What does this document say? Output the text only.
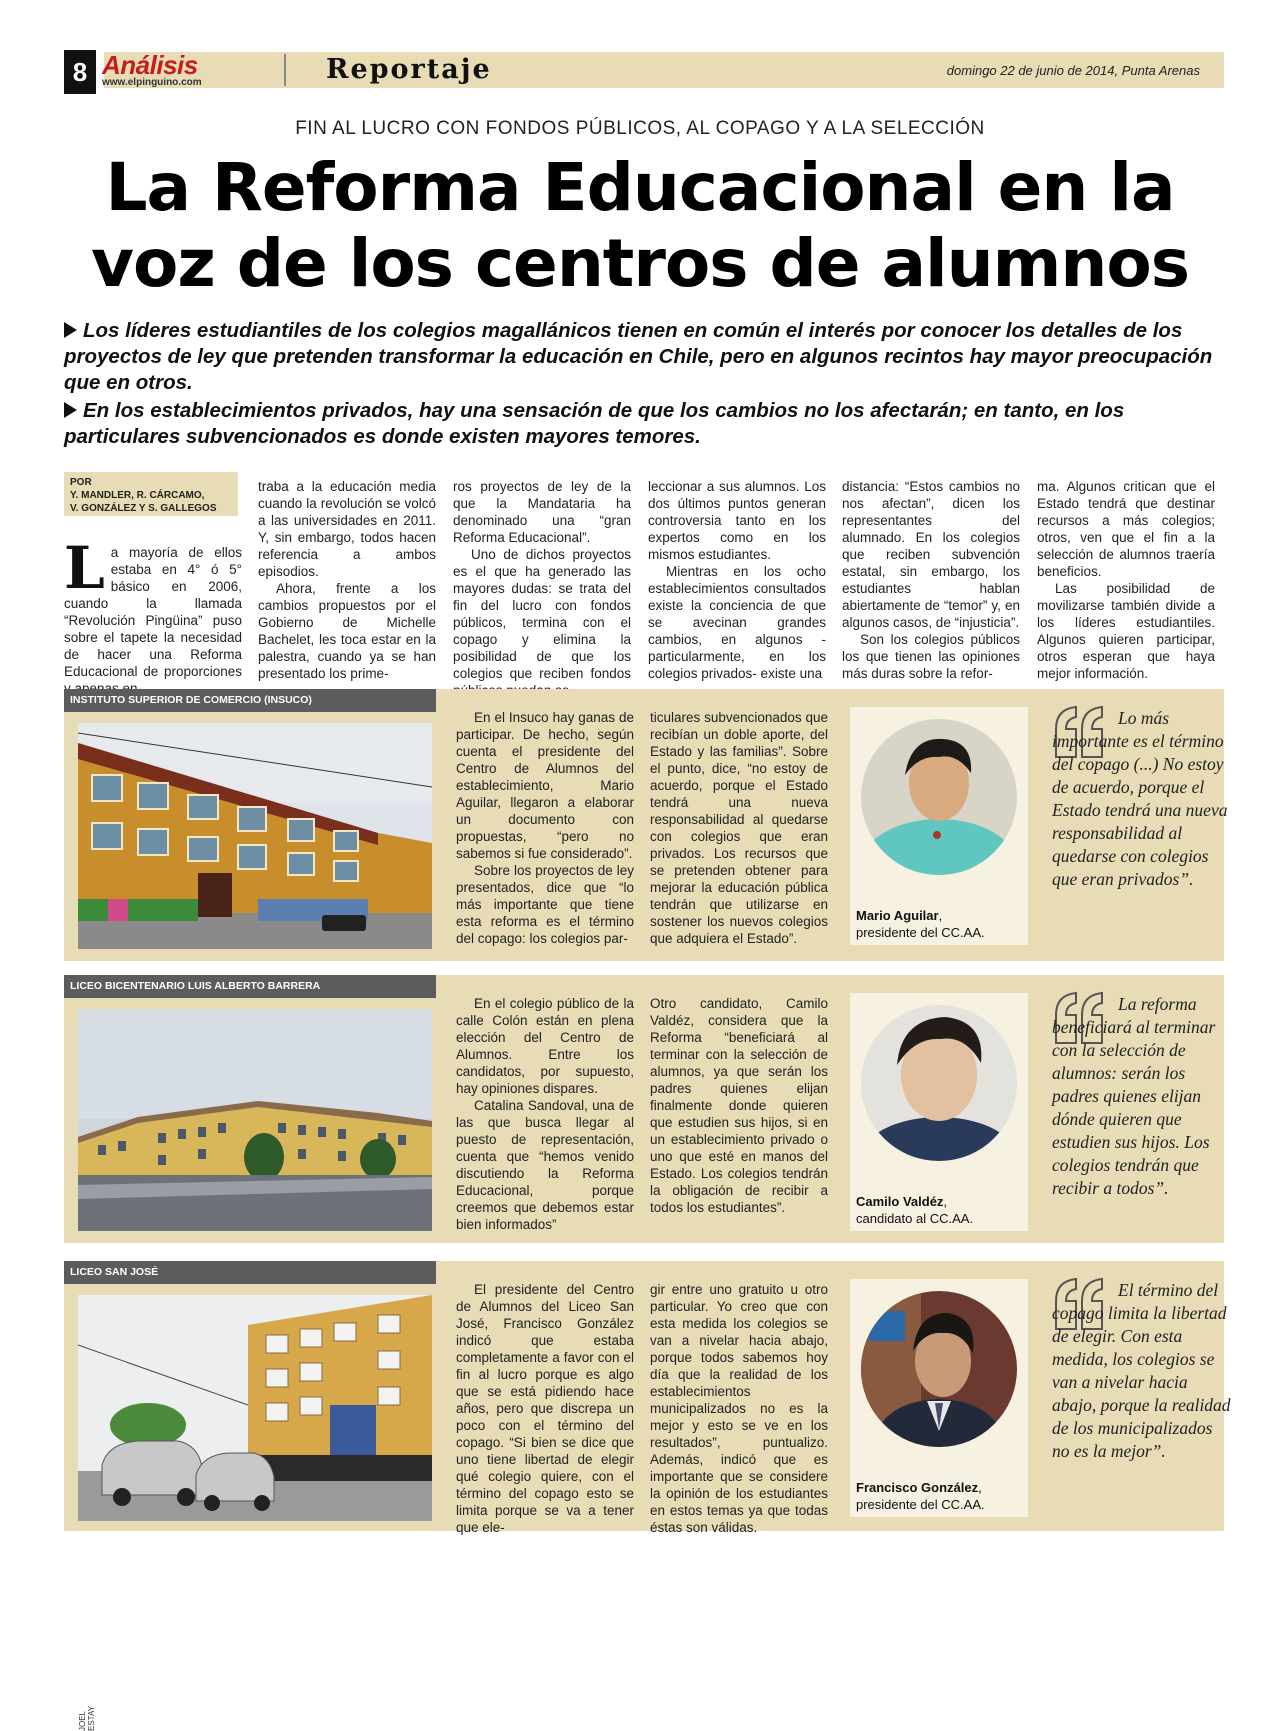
8 Análisis
www.elpinguino.com	Reportaje	domingo 22 de junio de 2014, Punta Arenas
FIN AL LUCRO CON FONDOS PÚBLICOS, AL COPAGO Y A LA SELECCIÓN
La Reforma Educacional en la
voz de los centros de alumnos

Los líderes estudiantiles de los colegios magallánicos tienen en común el interés por conocer los detalles de los proyectos de ley que pretenden transformar la educación en Chile, pero en algunos recintos hay mayor preocupación que en otros.

En los establecimientos privados, hay una sensación de que los cambios no los afectarán; en tanto, en los particulares subvencionados es donde existen mayores temores.

POR
Y. MANDLER, R. CÁRCAMO,
V. GONZÁLEZ Y S. GALLEGOS
L a mayoría de ellos estaba en 4° ó 5° básico en 2006, cuando la llamada “Revolución Pingüina” puso sobre el tapete la necesidad de hacer una Reforma Educacional de proporciones
traba a la educación media cuando la revolución se volcó a las universidades en 2011. Y, sin embargo, todos hacen referencia a ambos episodios.
Ahora, frente a los cambios propuestos por el Gobierno de Michelle Bachelet, les toca estar en la palestra, cuando ya se han presentado los prime-
ros proyectos de ley de la que la Mandataria ha denominado una “gran Reforma Educacional”.
Uno de dichos proyectos es el que ha generado las mayores dudas: se trata del fin del lucro con fondos públicos, termina con el copago y elimina la posibilidad de que los colegios que reciben fondos
leccionar a sus alumnos. Los dos últimos puntos generan controversia tanto en los expertos como en los mismos estudiantes.
Mientras en los ocho establecimientos consultados existe la conciencia de que se avecinan grandes cambios, en algunos -particularmente, en los colegios privados- existe una
distancia: “Estos cambios no nos afectan”, dicen los representantes del alumnado. En los colegios que reciben subvención estatal, sin embargo, los estudiantes hablan abiertamente de “temor” y, en algunos casos, de “injusticia”.
Son los colegios públicos los que tienen las opiniones más duras sobre la refor-
ma. Algunos critican que el Estado tendrá que destinar recursos a más colegios; otros, ven que el fin a la selección de alumnos traería beneficios.
Las posibilidad de movilizarse también divide a los líderes estudiantiles. Algunos quieren participar, otros esperan que haya mejor información.
INSTITUTO SUPERIOR DE COMERCIO (INSUCO)
En el Insuco hay ganas de participar. De hecho, según cuenta el presidente del Centro de Alumnos del establecimiento, Mario Aguilar, llegaron a elaborar un documento con propuestas, “pero no sabemos si fue considerado”.
Sobre los proyectos de ley presentados, dice que “lo más importante que tiene esta reforma es el término del copago: los colegios par-
ticulares subvencionados que recibían un doble aporte, del Estado y las familias”. Sobre el punto, dice, “no estoy de acuerdo, porque el Estado tendrá una nueva responsabilidad al quedarse con colegios que eran privados. Los recursos que se pretenden obtener para mejorar la educación pública tendrán que utilizarse en sostener los nuevos colegios que adquiera el Estado”.

Mario Aguilar,
presidente del CC.AA.

Lo más importante es el término del copago (...) No estoy de acuerdo, porque el Estado tendrá una nueva responsabilidad al quedarse con colegios que eran privados”.

LICEO BICENTENARIO LUIS ALBERTO BARRERA
En el colegio público de la calle Colón están en plena elección del Centro de Alumnos. Entre los candidatos, por supuesto, hay opiniones dispares.
Catalina Sandoval, una de las que busca llegar al puesto de representación, cuenta que “hemos venido discutiendo la Reforma Educacional, porque creemos que debemos estar bien informados”
Otro candidato, Camilo Valdéz, considera que la Reforma “beneficiará al terminar con la selección de alumnos, ya que serán los padres quienes elijan finalmente donde quieren que estudien sus hijos, si en un establecimiento privado o uno que esté en manos del Estado. Los colegios tendrán la obligación de recibir a todos los estudiantes”.	Camilo Valdéz,
candidato al CC.AA.

La reforma beneficiará al terminar con la selección de alumnos: serán los padres quienes elijan dónde quieren que estudien sus hijos. Los colegios tendrán que recibir a todos”.

LICEO SAN JOSÉ
JOEL ESTAY
El presidente del Centro de Alumnos del Liceo San José, Francisco González indicó que estaba completamente a favor con el fin al lucro porque es algo que se está pidiendo hace años, pero que discrepa un poco con el término del copago. “Si bien se dice que uno tiene libertad de elegir qué colegio quiere, con el término del copago esto se limita porque se va a tener que ele-
gir entre uno gratuito u otro particular. Yo creo que con esta medida los colegios se van a nivelar hacia abajo, porque todos sabemos hoy día que la realidad de los establecimientos municipalizados no es la mejor y esto se ve en los resultados”, puntualizo. Además, indicó que es importante que se considere la opinión de los estudiantes en estos temas ya que todas éstas son válidas.

Francisco González,
presidente del CC.AA.

El término del copago limita la libertad de elegir. Con esta medida, los colegios se van a nivelar hacia abajo, porque la realidad de los municipalizados no es la mejor”.
